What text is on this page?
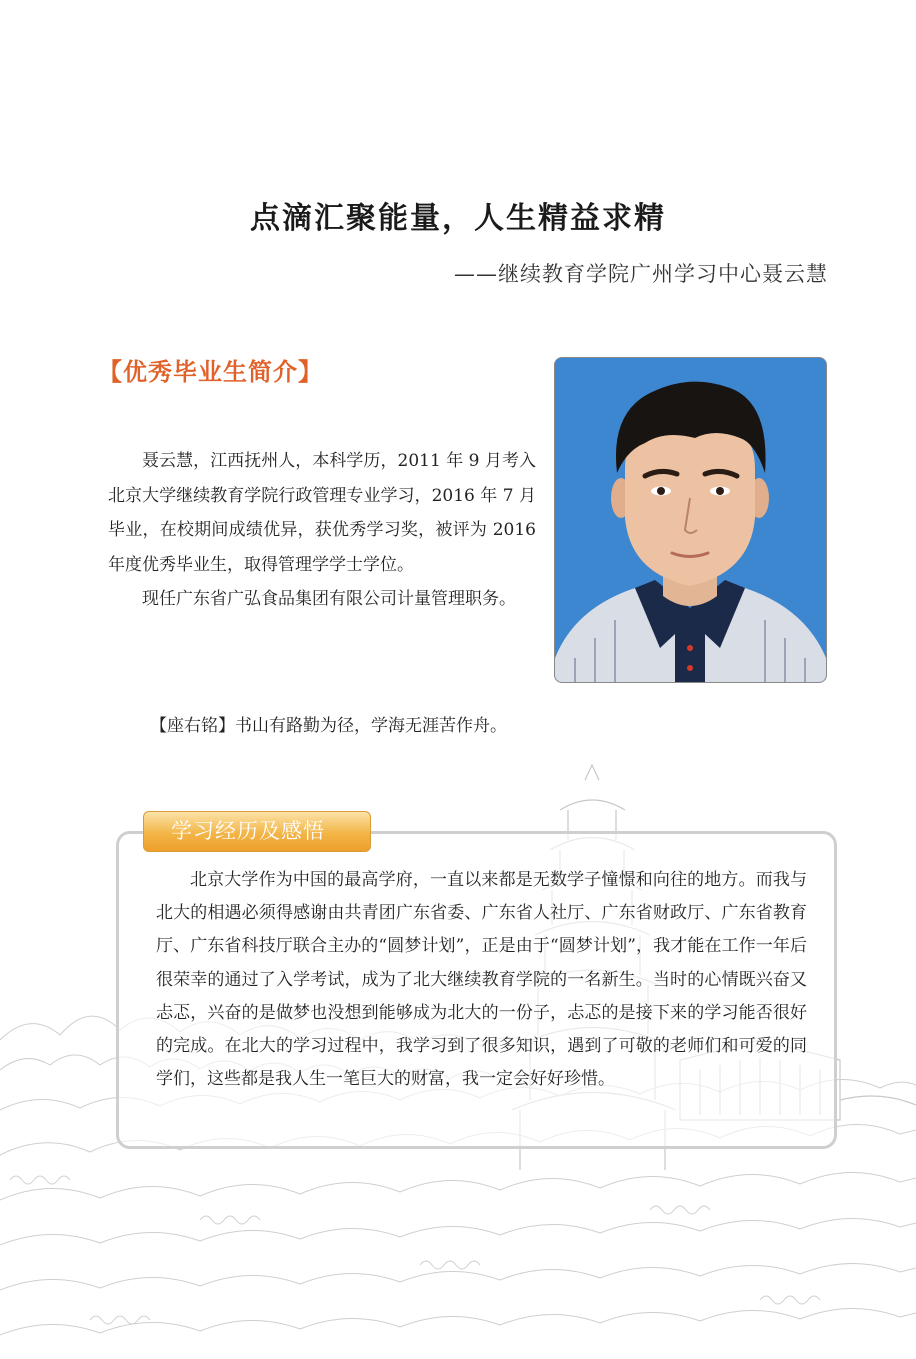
点滴汇聚能量，人生精益求精
——继续教育学院广州学习中心聂云慧
【优秀毕业生简介】

聂云慧，江西抚州人，本科学历，2011 年 9 月考入北京大学继续教育学院行政管理专业学习，2016 年 7 月毕业，在校期间成绩优异，获优秀学习奖，被评为 2016 年度优秀毕业生，取得管理学学士学位。

现任广东省广弘食品集团有限公司计量管理职务。

【座右铭】书山有路勤为径，学海无涯苦作舟。
学习经历及感悟

北京大学作为中国的最高学府，一直以来都是无数学子憧憬和向往的地方。而我与北大的相遇必须得感谢由共青团广东省委、广东省人社厅、广东省财政厅、广东省教育厅、广东省科技厅联合主办的“圆梦计划”，正是由于“圆梦计划”，我才能在工作一年后很荣幸的通过了入学考试，成为了北大继续教育学院的一名新生。当时的心情既兴奋又忐忑，兴奋的是做梦也没想到能够成为北大的一份子，忐忑的是接下来的学习能否很好的完成。在北大的学习过程中，我学习到了很多知识，遇到了可敬的老师们和可爱的同学们，这些都是我人生一笔巨大的财富，我一定会好好珍惜。
